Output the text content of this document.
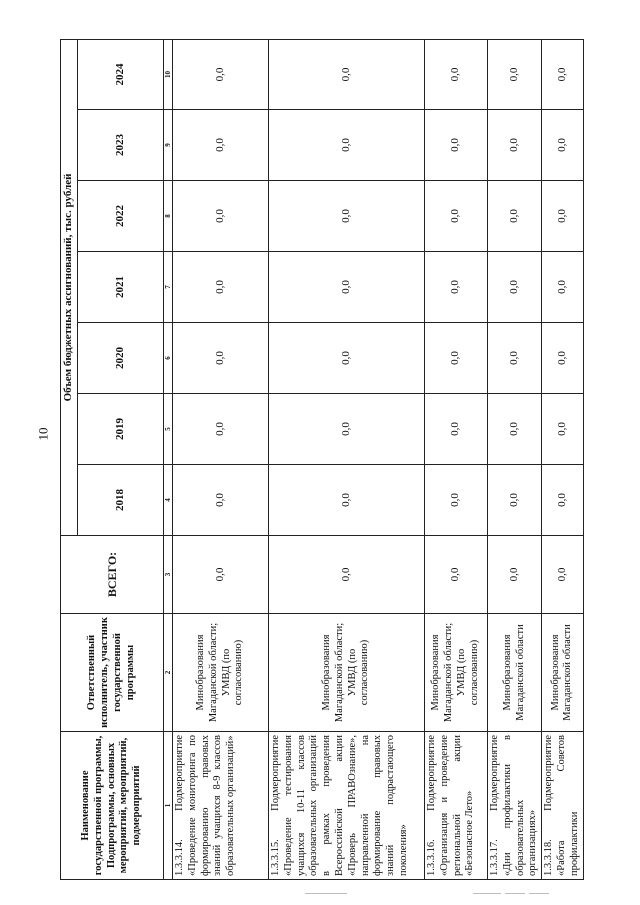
10
Наименование государственной программы, Подпрограммы, основных мероприятий, мероприятий, подмероприятий	Ответственный исполнитель, участник государственной программы	ВСЕГО:	Объем бюджетных ассигнований, тыс. рублей						
			2018	2019	2020	2021	2022	2023	2024
1	2	3	4	5	6	7	8	9	10
1.3.3.14. Подмероприятие «Проведение мониторинга по формированию правовых знаний учащихся 8-9 классов образовательных организаций»	Минобразования Магаданской области; УМВД (по согласованию)	0,0	0,0	0,0	0,0	0,0	0,0	0,0	0,0
1.3.3.15. Подмероприятие «Проведение тестирования учащихся 10-11 классов образовательных организаций в рамках проведения Всероссийской акции «Проверь ПРАВОзнание», направленной на формирование правовых знаний подрастающего поколения»	Минобразования Магаданской области; УМВД (по согласованию)	0,0	0,0	0,0	0,0	0,0	0,0	0,0	0,0
1.3.3.16. Подмероприятие «Организация и проведение региональной акции «Безопасное Лето»	Минобразования Магаданской области; УМВД (по согласованию)	0,0	0,0	0,0	0,0	0,0	0,0	0,0	0,0
1.3.3.17. Подмероприятие «Дни профилактики в образовательных организациях»	Минобразования Магаданской области	0,0	0,0	0,0	0,0	0,0	0,0	0,0	0,0
1.3.3.18. Подмероприятие «Работа Советов профилактики	Минобразования Магаданской области	0,0	0,0	0,0	0,0	0,0	0,0	0,0	0,0
